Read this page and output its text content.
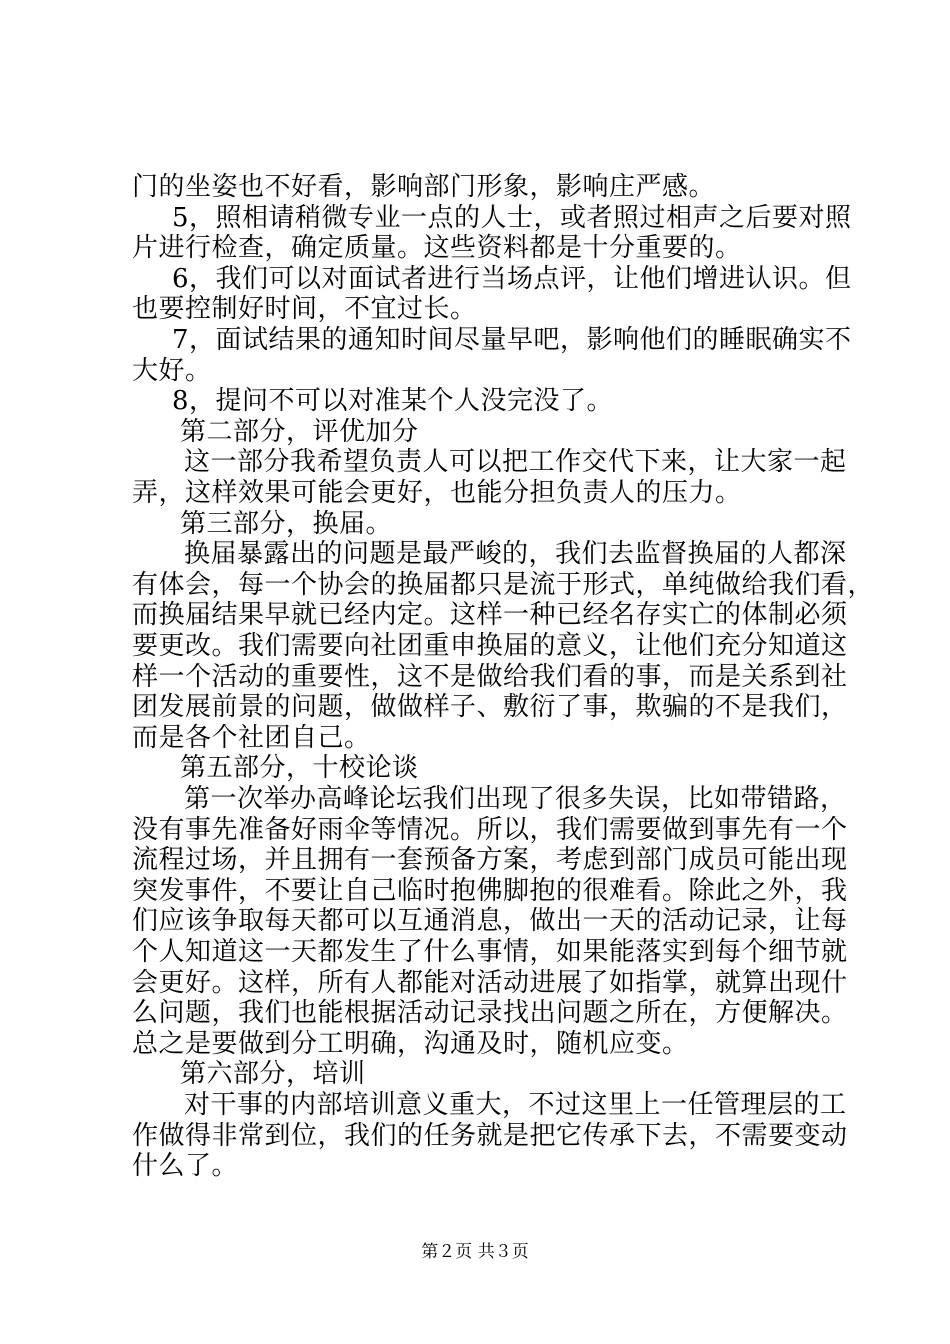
门的坐姿也不好看，影响部门形象，影响庄严感。
5，照相请稍微专业一点的人士，或者照过相声之后要对照
片进行检查，确定质量。这些资料都是十分重要的。
6，我们可以对面试者进行当场点评，让他们增进认识。但
也要控制好时间，不宜过长。
7，面试结果的通知时间尽量早吧，影响他们的睡眠确实不
大好。
8，提问不可以对准某个人没完没了。
第二部分，评优加分
这一部分我希望负责人可以把工作交代下来，让大家一起
弄，这样效果可能会更好，也能分担负责人的压力。
第三部分，换届。
换届暴露出的问题是最严峻的，我们去监督换届的人都深
有体会，每一个协会的换届都只是流于形式，单纯做给我们看，
而换届结果早就已经内定。这样一种已经名存实亡的体制必须
要更改。我们需要向社团重申换届的意义，让他们充分知道这
样一个活动的重要性，这不是做给我们看的事，而是关系到社
团发展前景的问题，做做样子、敷衍了事，欺骗的不是我们，
而是各个社团自己。
第五部分，十校论谈
第一次举办高峰论坛我们出现了很多失误，比如带错路，
没有事先准备好雨伞等情况。所以，我们需要做到事先有一个
流程过场，并且拥有一套预备方案，考虑到部门成员可能出现
突发事件，不要让自己临时抱佛脚抱的很难看。除此之外，我
们应该争取每天都可以互通消息，做出一天的活动记录，让每
个人知道这一天都发生了什么事情，如果能落实到每个细节就
会更好。这样，所有人都能对活动进展了如指掌，就算出现什
么问题，我们也能根据活动记录找出问题之所在，方便解决。
总之是要做到分工明确，沟通及时，随机应变。
第六部分，培训
对干事的内部培训意义重大，不过这里上一任管理层的工
作做得非常到位，我们的任务就是把它传承下去，不需要变动
什么了。
第２页 共３页
